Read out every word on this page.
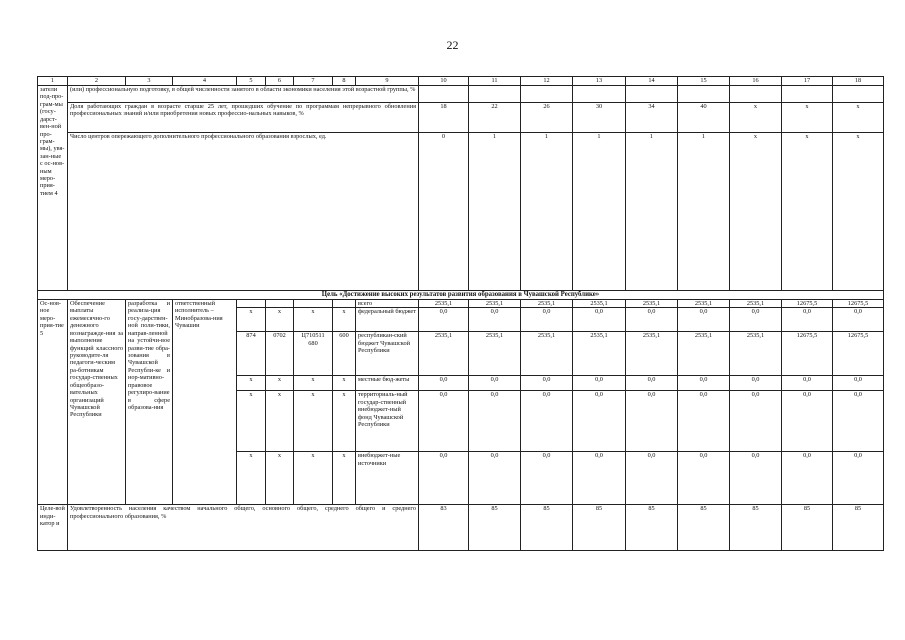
22
1	2	3	4	5	6	7	8	9	10	11	12	13	14	15	16	17	18
затели под-про-грам-мы (госу-дарст-вен-ной про-грам-мы), увя-зан-ные с ос-нов-ным меро-прия-тием 4	(или) профессиональную подготовку, в общей численности занятого в области экономики населения этой возрастной группы, %																
	Доля работающих граждан в возрасте старше 25 лет, прошедших обучение по программам непрерывного обновления профессиональных знаний и/или приобретения новых профессио-нальных навыков, %								18	22	26	30	34	40	x	x	x
	Число центров опережающего дополнительного профессионального образования взрослых, ед.								0	1	1	1	1	1	x	x	x
Цель «Достижение высоких результатов развития образования в Чувашской Республике»																	
Ос-нов-ное меро-прия-тие 5	Обеспечение выплаты ежемесячно-го денежного вознагражде-ния за выполнение функций классного руководите-ля педагоги-ческим ра-ботникам государ-ственных общеобразо-вательных организаций Чувашской Республики	разработка и реализа-ция госу-дарствен-ной поли-тики, направ-ленной на устойчи-вое разви-тие обра-зования в Чувашской Республи-ке и нор-мативно-правовое регулиро-вание в сфере образова-ния	ответственный исполнитель – Минобразова-ния Чувашии					всего	2535,1	2535,1	2535,1	2535,1	2535,1	2535,1	2535,1	12675,5	12675,5
				x	x	x	x	федеральный бюджет	0,0	0,0	0,0	0,0	0,0	0,0	0,0	0,0	0,0
				874	0702	Ц710511 680	600	республикан-ский бюджет Чувашской Республики	2535,1	2535,1	2535,1	2535,1	2535,1	2535,1	2535,1	12675,5	12675,5
				x	x	x	x	местные бюд-жеты	0,0	0,0	0,0	0,0	0,0	0,0	0,0	0,0	0,0
				x	x	x	x	территориаль-ный государ-ственный внебюджет-ный фонд Чувашской Республики	0,0	0,0	0,0	0,0	0,0	0,0	0,0	0,0	0,0
				x	x	x	x	внебюджет-ные источники	0,0	0,0	0,0	0,0	0,0	0,0	0,0	0,0	0,0
Целе-вой инди-катор и	Удовлетворенность населения качеством начального общего, основного общего, среднего общего и среднего профессионального образования, %								83	85	85	85	85	85	85	85	85
